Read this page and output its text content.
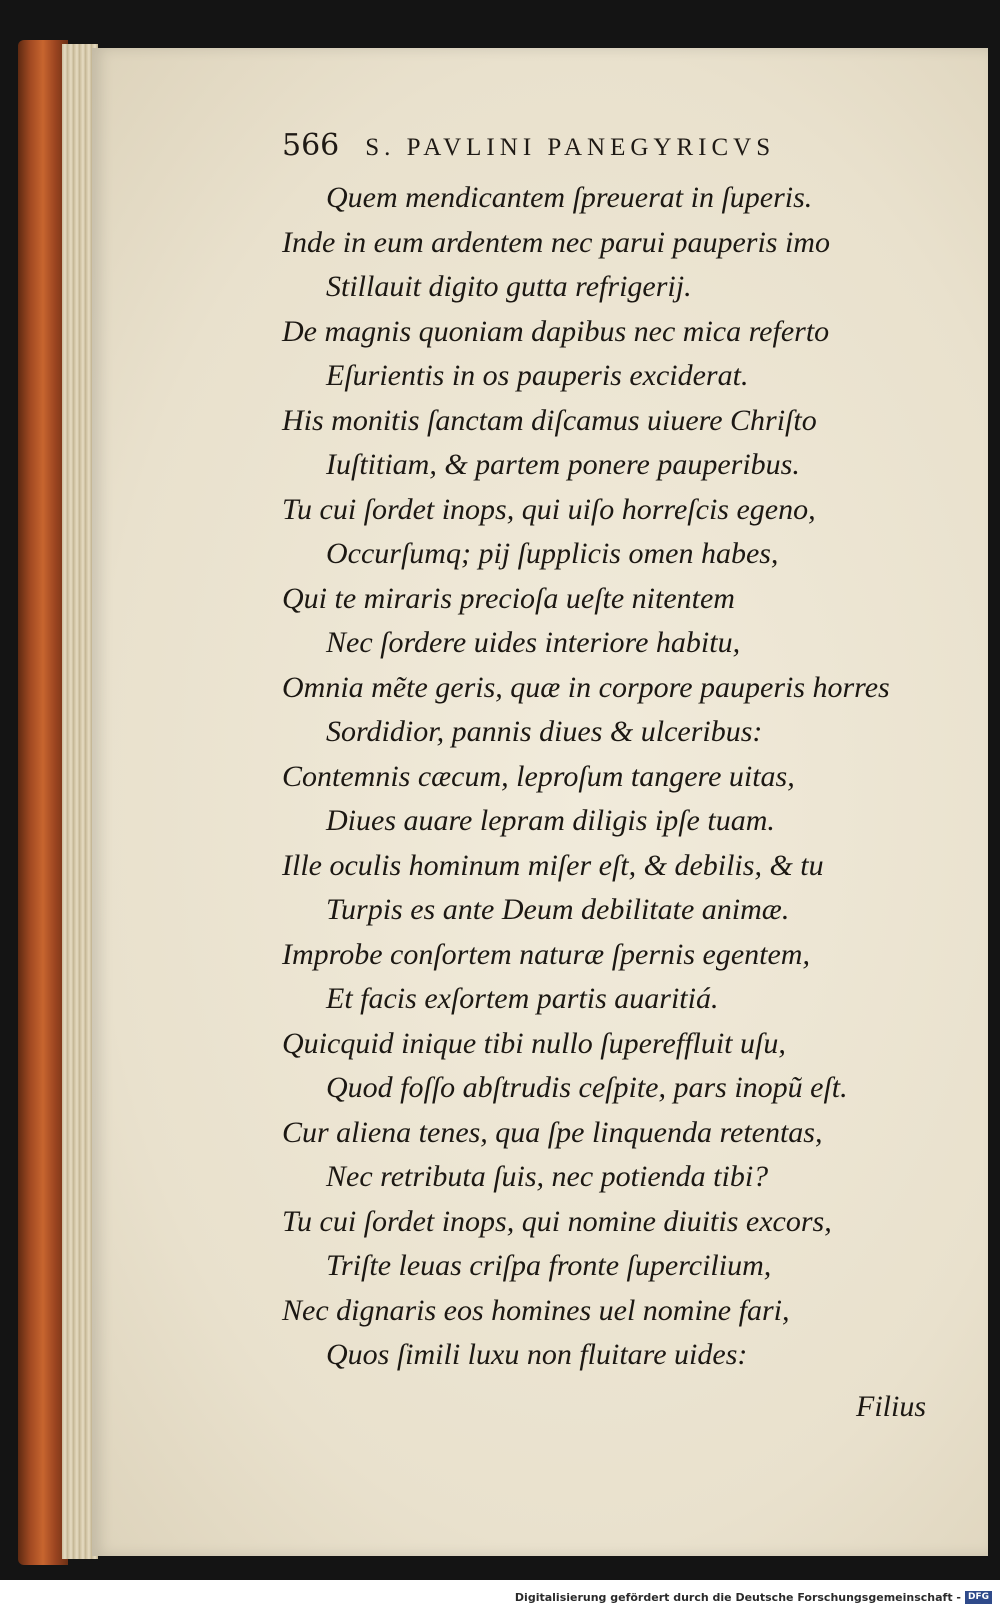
566 S. PAVLINI PANEGYRICVS
Quem mendicantem ſpreuerat in ſuperis.
Inde in eum ardentem nec parui pauperis imo
Stillauit digito gutta refrigerij.
De magnis quoniam dapibus nec mica referto
Eſurientis in os pauperis exciderat.
His monitis ſanctam diſcamus uiuere Chriſto
Iuſtitiam, & partem ponere pauperibus.
Tu cui ſordet inops, qui uiſo horreſcis egeno,
Occurſumq; pij ſupplicis omen habes,
Qui te miraris precioſa ueſte nitentem
Nec ſordere uides interiore habitu,
Omnia mẽte geris, quæ in corpore pauperis horres
Sordidior, pannis diues & ulceribus:
Contemnis cæcum, leproſum tangere uitas,
Diues auare lepram diligis ipſe tuam.
Ille oculis hominum miſer eſt, & debilis, & tu
Turpis es ante Deum debilitate animæ.
Improbe conſortem naturæ ſpernis egentem,
Et facis exſortem partis auaritiá.
Quicquid inique tibi nullo ſupereffluit uſu,
Quod foſſo abſtrudis ceſpite, pars inopũ eſt.
Cur aliena tenes, qua ſpe linquenda retentas,
Nec retributa ſuis, nec potienda tibi?
Tu cui ſordet inops, qui nomine diuitis excors,
Triſte leuas criſpa fronte ſupercilium,
Nec dignaris eos homines uel nomine fari,
Quos ſimili luxu non fluitare uides:
Filius
Digitalisierung gefördert durch die Deutsche Forschungsgemeinschaft - DFG
